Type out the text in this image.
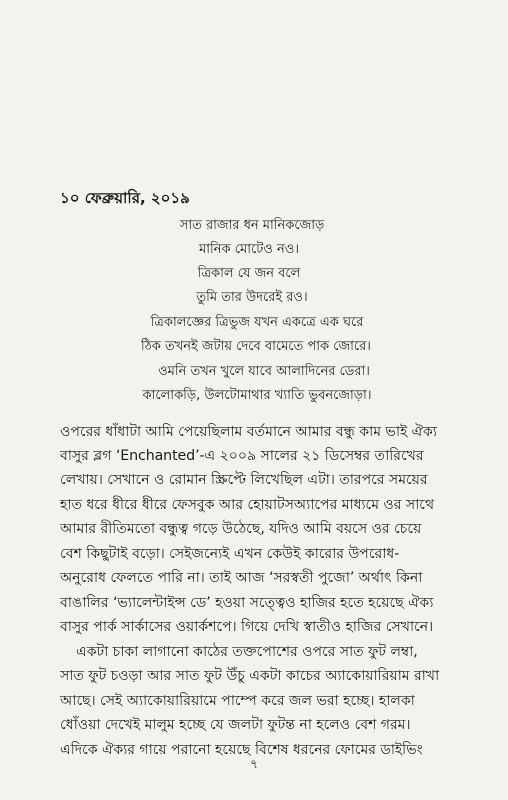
১০ ফেব্রুয়ারি, ২০১৯
সাত রাজার ধন মানিকজোড়
মানিক মোটেও নও।
ত্রিকাল যে জন বলে
তুমি তার উদরেই রও।
ত্রিকালজ্ঞের ত্রিভুজ যখন একত্রে এক ঘরে
ঠিক তখনই জটায় দেবে বামেতে পাক জোরে।
ওমনি তখন খুলে যাবে আলাদিনের ডেরা।
কালোকড়ি, উলটোমাথার খ্যাতি ভুবনজোড়া।
ওপরের ধাঁধাটা আমি পেয়েছিলাম বর্তমানে আমার বন্ধু কাম ভাই ঐক্য
বাসুর ব্লগ ‘Enchanted’-এ ২০০৯ সালের ২১ ডিসেম্বর তারিখের
লেখায়। সেখানে ও রোমান স্ক্রিপ্টে লিখেছিল এটা। তারপরে সময়ের
হাত ধরে ধীরে ধীরে ফেসবুক আর হোয়াটসঅ্যাপের মাধ্যমে ওর সাথে
আমার রীতিমতো বন্ধুত্ব গড়ে উঠেছে, যদিও আমি বয়সে ওর চেয়ে
বেশ কিছুটাই বড়ো। সেইজন্যেই এখন কেউই কারোর উপরোধ-
অনুরোধ ফেলতে পারি না। তাই আজ ‘সরস্বতী পুজো’ অর্থাৎ কিনা
বাঙালির ‘ভ্যালেন্টাইন্স ডে’ হওয়া সত্ত্বেও হাজির হতে হয়েছে ঐক্য
বাসুর পার্ক সার্কাসের ওয়ার্কশপে। গিয়ে দেখি স্বাতীও হাজির সেখানে।
একটা চাকা লাগানো কাঠের তক্তপোশের ওপরে সাত ফুট লম্বা,
সাত ফুট চওড়া আর সাত ফুট উঁচু একটা কাচের অ্যাকোয়ারিয়াম রাখা
আছে। সেই অ্যাকোয়ারিয়ামে পাম্পে করে জল ভরা হচ্ছে। হালকা
ধোঁওয়া দেখেই মালুম হচ্ছে যে জলটা ফুটন্ত না হলেও বেশ গরম।
এদিকে ঐক্যর গায়ে পরানো হয়েছে বিশেষ ধরনের ফোমের ডাইভিং
৭
